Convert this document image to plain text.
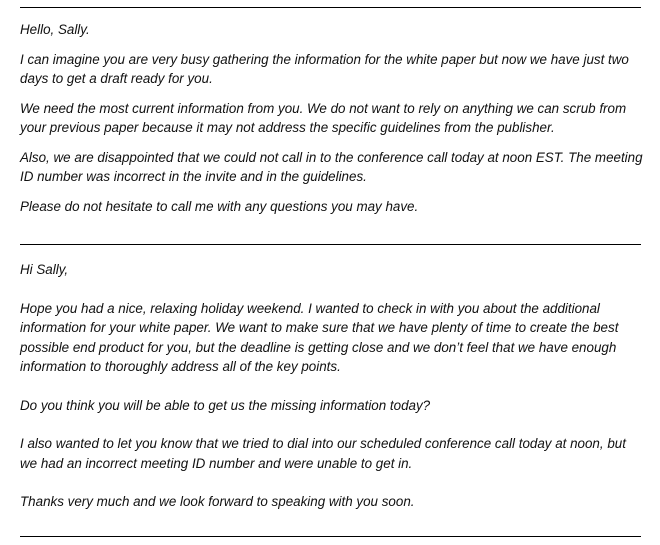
Hello, Sally.

I can imagine you are very busy gathering the information for the white paper but now we have just two days to get a draft ready for you.

We need the most current information from you. We do not want to rely on anything we can scrub from your previous paper because it may not address the specific guidelines from the publisher.

Also, we are disappointed that we could not call in to the conference call today at noon EST. The meeting ID number was incorrect in the invite and in the guidelines.

Please do not hesitate to call me with any questions you may have.

Hi Sally,

Hope you had a nice, relaxing holiday weekend. I wanted to check in with you about the additional information for your white paper. We want to make sure that we have plenty of time to create the best possible end product for you, but the deadline is getting close and we don’t feel that we have enough information to thoroughly address all of the key points.

Do you think you will be able to get us the missing information today?

I also wanted to let you know that we tried to dial into our scheduled conference call today at noon, but we had an incorrect meeting ID number and were unable to get in.

Thanks very much and we look forward to speaking with you soon.
